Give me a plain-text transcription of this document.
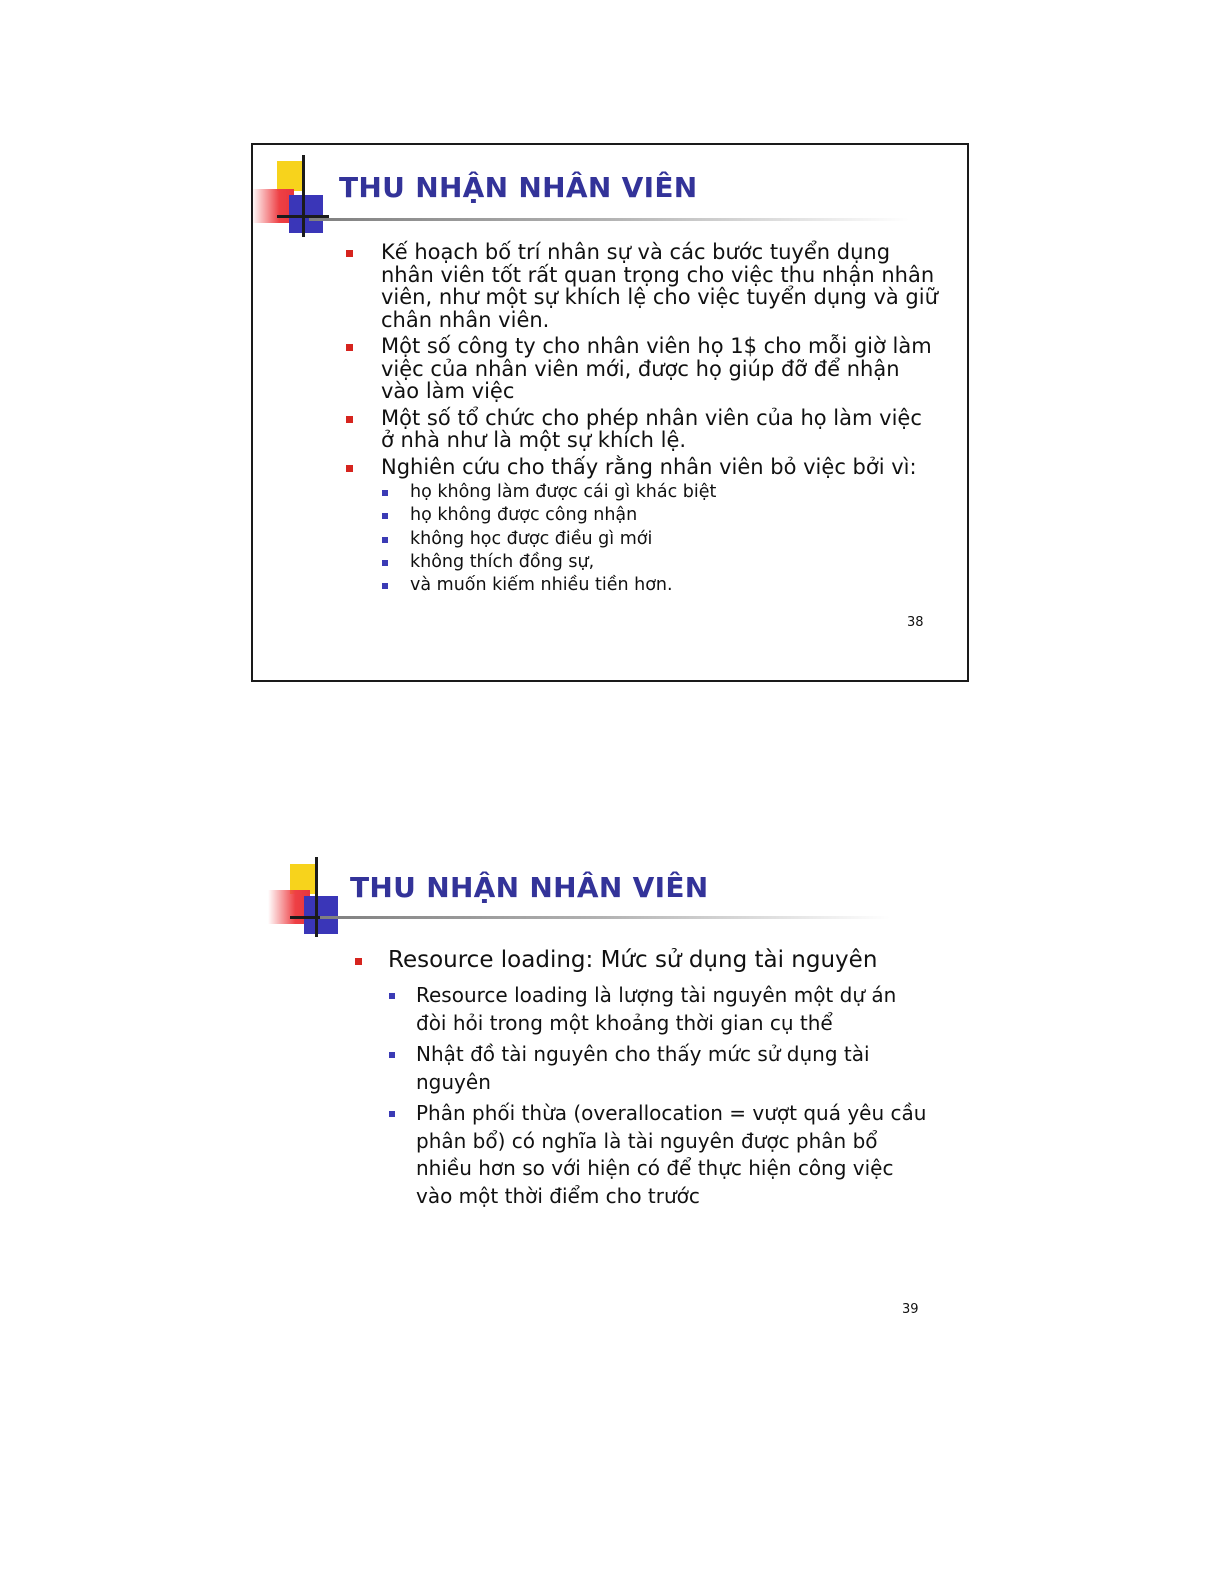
THU NHẬN NHÂN VIÊN
Kế hoạch bố trí nhân sự và các bước tuyển dụng nhân viên tốt rất quan trọng cho việc thu nhận nhân viên, như một sự khích lệ cho việc tuyển dụng và giữ chân nhân viên.
Một số công ty cho nhân viên họ 1$ cho mỗi giờ làm việc của nhân viên mới, được họ giúp đỡ để nhận vào làm việc
Một số tổ chức cho phép nhân viên của họ làm việc ở nhà như là một sự khích lệ.
Nghiên cứu cho thấy rằng nhân viên bỏ việc bởi vì:
họ không làm được cái gì khác biệt
họ không được công nhận
không học được điều gì mới
không thích đồng sự,
và muốn kiếm nhiều tiền hơn.
38
THU NHẬN NHÂN VIÊN
Resource loading: Mức sử dụng tài nguyên
Resource loading là lượng tài nguyên một dự án đòi hỏi trong một khoảng thời gian cụ thể
Nhật đồ tài nguyên cho thấy mức sử dụng tài nguyên
Phân phối thừa (overallocation = vượt quá yêu cầu phân bổ) có nghĩa là tài nguyên được phân bổ nhiều hơn so với hiện có để thực hiện công việc vào một thời điểm cho trước
39
